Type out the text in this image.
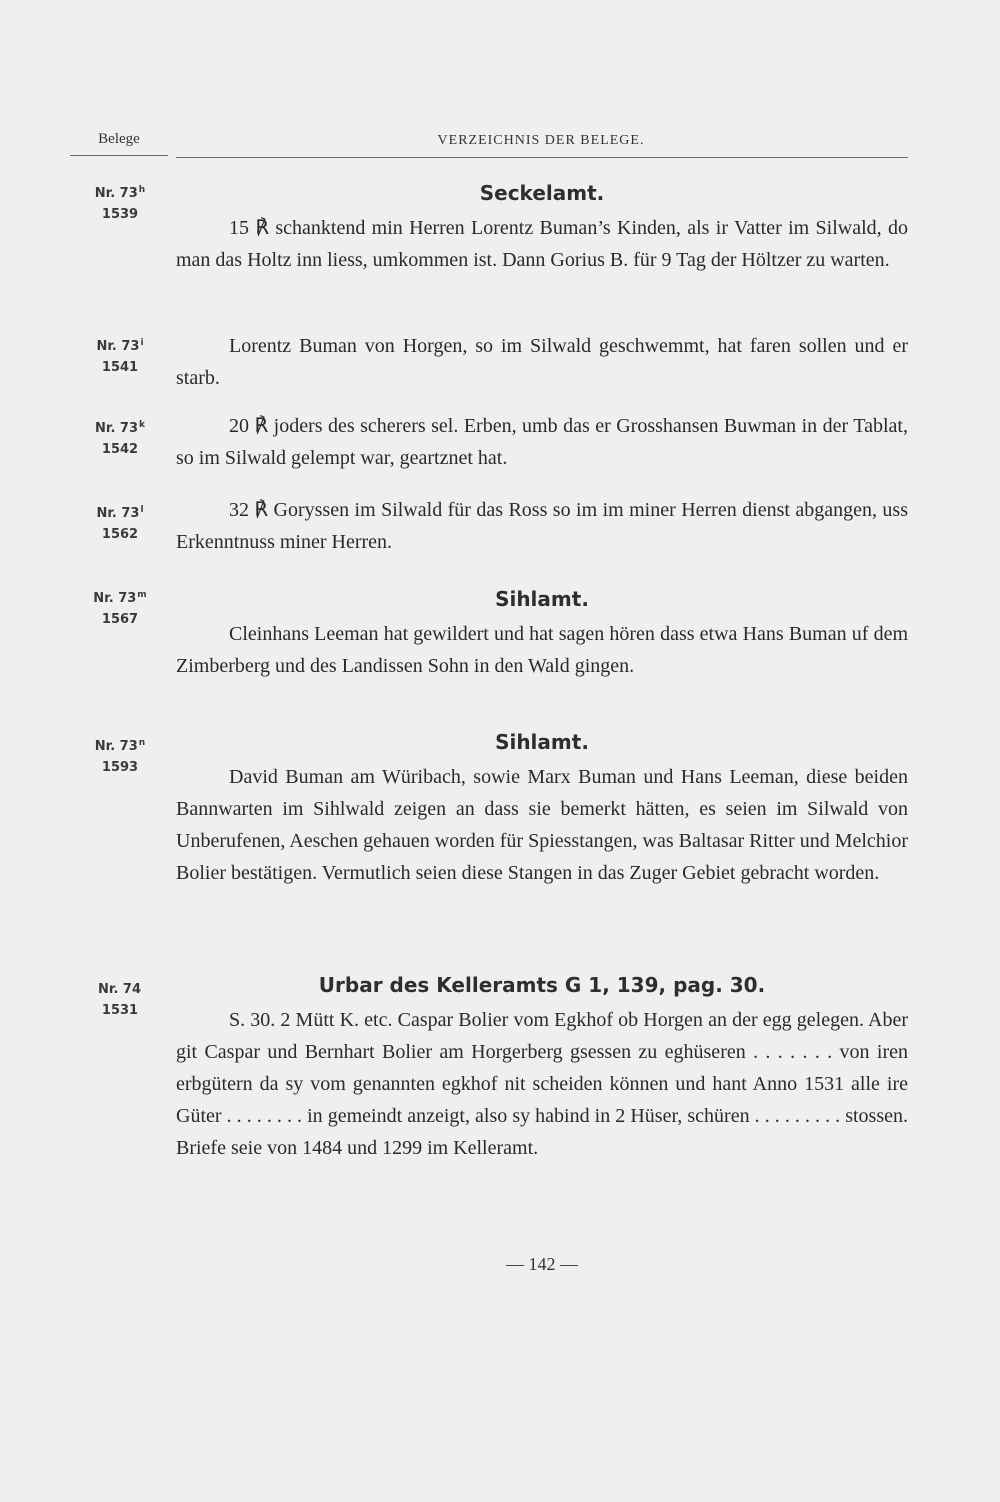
Belege	VERZEICHNIS DER BELEGE.
Nr. 73$^h$
1539
Seckelamt.

15 ℟ schanktend min Herren Lorentz Buman’s Kinden, als ir Vatter im Silwald, do man das Holtz inn liess, umkommen ist. Dann Gorius B. für 9 Tag der Höltzer zu warten.

Nr. 73$^i$
1541

Lorentz Buman von Horgen, so im Silwald geschwemmt, hat faren sollen und er starb.

Nr. 73$^k$
1542

20 ℟ joders des scherers sel. Erben, umb das er Grosshansen Buwman in der Tablat, so im Silwald gelempt war, geartznet hat.

Nr. 73$^l$
1562

32 ℟ Goryssen im Silwald für das Ross so im im miner Herren dienst abgangen, uss Erkenntnuss miner Herren.

Nr. 73$^m$
1567
Sihlamt.

Cleinhans Leeman hat gewildert und hat sagen hören dass etwa Hans Buman uf dem Zimberberg und des Landissen Sohn in den Wald gingen.

Nr. 73$^n$
1593
Sihlamt.

David Buman am Würibach, sowie Marx Buman und Hans Leeman, diese beiden Bannwarten im Sihlwald zeigen an dass sie bemerkt hätten, es seien im Silwald von Unberufenen, Aeschen gehauen worden für Spiesstangen, was Baltasar Ritter und Melchior Bolier bestätigen. Vermutlich seien diese Stangen in das Zuger Gebiet gebracht worden.

Nr. 74
1531
Urbar des Kelleramts G 1, 139, pag. 30.

S. 30. 2 Mütt K. etc. Caspar Bolier vom Egkhof ob Horgen an der egg gelegen. Aber git Caspar und Bernhart Bolier am Horgerberg gsessen zu eghüseren . . . . . . . von iren erbgütern da sy vom genannten egkhof nit scheiden können und hant Anno 1531 alle ire Güter . . . . . . . . in gemeindt anzeigt, also sy habind in 2 Hüser, schüren . . . . . . . . . stossen. Briefe seie von 1484 und 1299 im Kelleramt.

— 142 —
